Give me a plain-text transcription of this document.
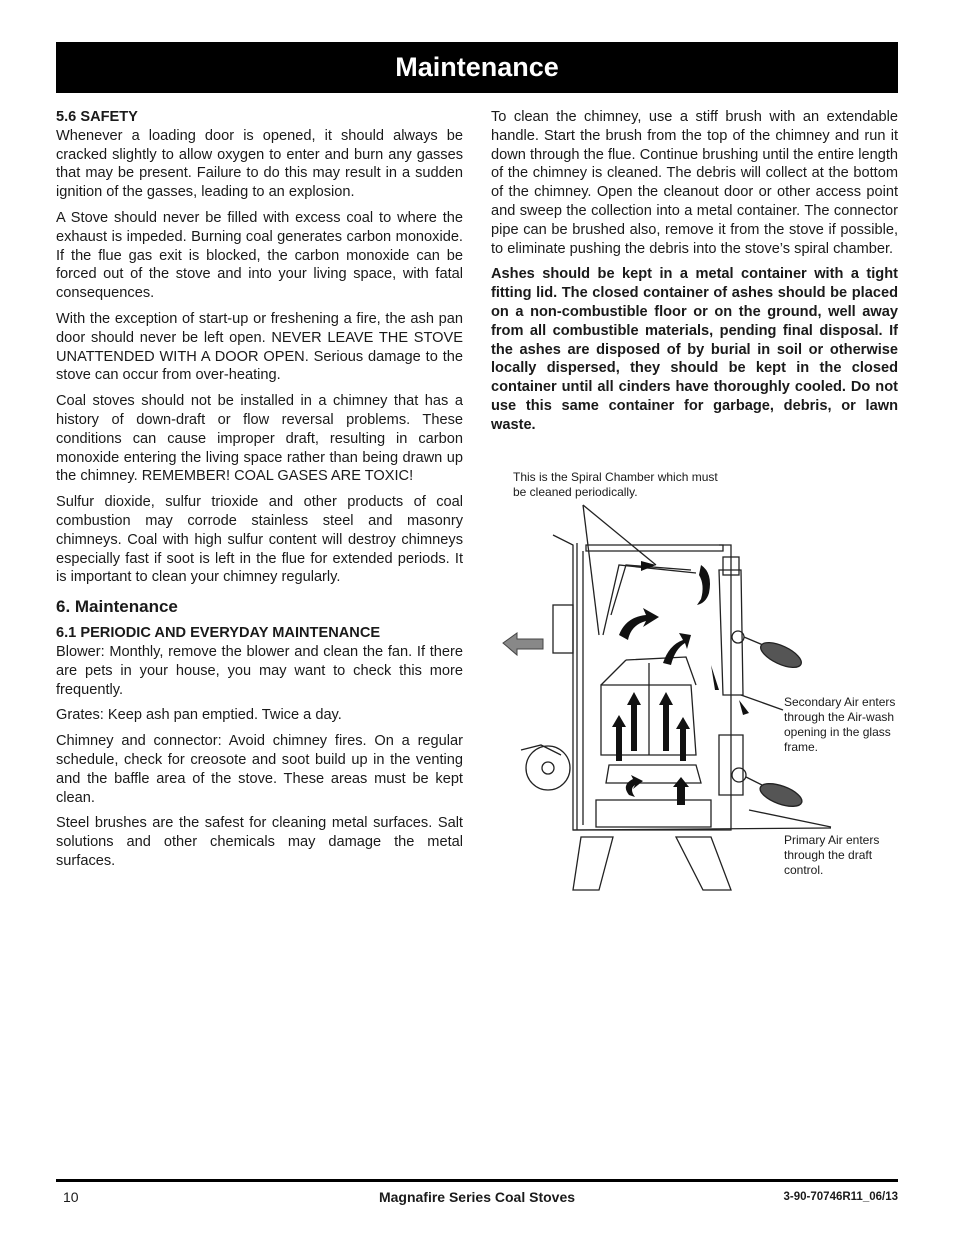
Maintenance
5.6 SAFETY

Whenever a loading door is opened, it should always be cracked slightly to allow oxygen to enter and burn any gasses that may be present. Failure to do this may result in a sudden ignition of the gasses, leading to an explosion.

A Stove should never be filled with excess coal to where the exhaust is impeded. Burning coal generates carbon monoxide. If the flue gas exit is blocked, the carbon monoxide can be forced out of the stove and into your living space, with fatal consequences.

With the exception of start-up or freshening a fire, the ash pan door should never be left open. NEVER LEAVE THE STOVE UNATTENDED WITH A DOOR OPEN. Serious damage to the stove can occur from over-heating.

Coal stoves should not be installed in a chimney that has a history of down-draft or flow reversal problems. These conditions can cause improper draft, resulting in carbon monoxide entering the living space rather than being drawn up the chimney. REMEMBER! COAL GASES ARE TOXIC!

Sulfur dioxide, sulfur trioxide and other products of coal combustion may corrode stainless steel and masonry chimneys. Coal with high sulfur content will destroy chimneys especially fast if soot is left in the flue for extended periods. It is important to clean your chimney regularly.

6. Maintenance
6.1 PERIODIC AND EVERYDAY MAINTENANCE

Blower: Monthly, remove the blower and clean the fan. If there are pets in your house, you may want to check this more frequently.

Grates: Keep ash pan emptied. Twice a day.

Chimney and connector: Avoid chimney fires. On a regular schedule, check for creosote and soot build up in the venting and the baffle area of the stove. These areas must be kept clean.

Steel brushes are the safest for cleaning metal surfaces. Salt solutions and other chemicals may damage the metal surfaces.

To clean the chimney, use a stiff brush with an extendable handle. Start the brush from the top of the chimney and run it down through the flue. Continue brushing until the entire length of the chimney is cleaned. The debris will collect at the bottom of the chimney. Open the cleanout door or other access point and sweep the collection into a metal container. The connector pipe can be brushed also, remove it from the stove if possible, to eliminate pushing the debris into the stove’s spiral chamber.

Ashes should be kept in a metal container with a tight fitting lid. The closed container of ashes should be placed on a non-combustible floor or on the ground, well away from all combustible materials, pending final disposal. If the ashes are disposed of by burial in soil or otherwise locally dispersed, they should be kept in the closed container until all cinders have thoroughly cooled. Do not use this same container for garbage, debris, or lawn waste.

This is the Spiral Chamber which must be cleaned periodically.
Secondary Air enters through the Air-wash opening in the glass frame.
Primary Air enters through the draft control.
10	Magnafire Series Coal Stoves	3-90-70746R11_06/13
